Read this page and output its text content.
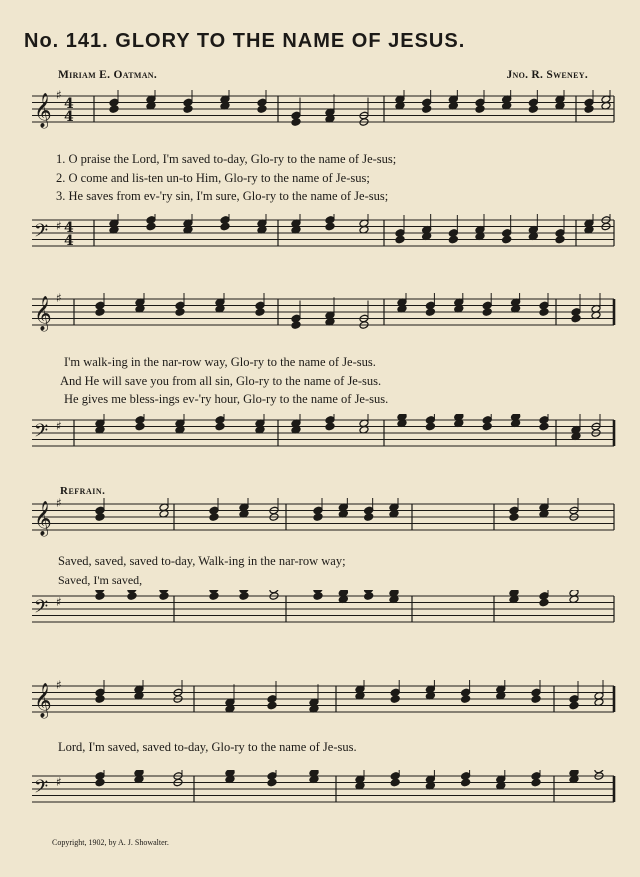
No. 141. GLORY TO THE NAME OF JESUS.
Miriam E. Oatman.	Jno. R. Sweney.
𝄞 ♯
4
4
1. O praise the Lord, I'm saved to-day, Glo-ry to the name of Je-sus;
2. O come and lis-ten un-to Him, Glo-ry to the name of Je-sus;
3. He saves from ev-'ry sin, I'm sure, Glo-ry to the name of Je-sus;
𝄢 ♯ 4
4
𝄞 ♯
I'm walk-ing in the nar-row way, Glo-ry to the name of Je-sus.
And He will save you from all sin, Glo-ry to the name of Je-sus.
He gives me bless-ings ev-'ry hour, Glo-ry to the name of Je-sus.
𝄢 ♯
Refrain.
𝄞 ♯
Saved, saved, saved to-day, Walk-ing in the nar-row way;
Saved, I'm saved,
𝄢 ♯
𝄞 ♯
Lord, I'm saved, saved to-day, Glo-ry to the name of Je-sus.
𝄢 ♯
Copyright, 1902, by A. J. Showalter.
